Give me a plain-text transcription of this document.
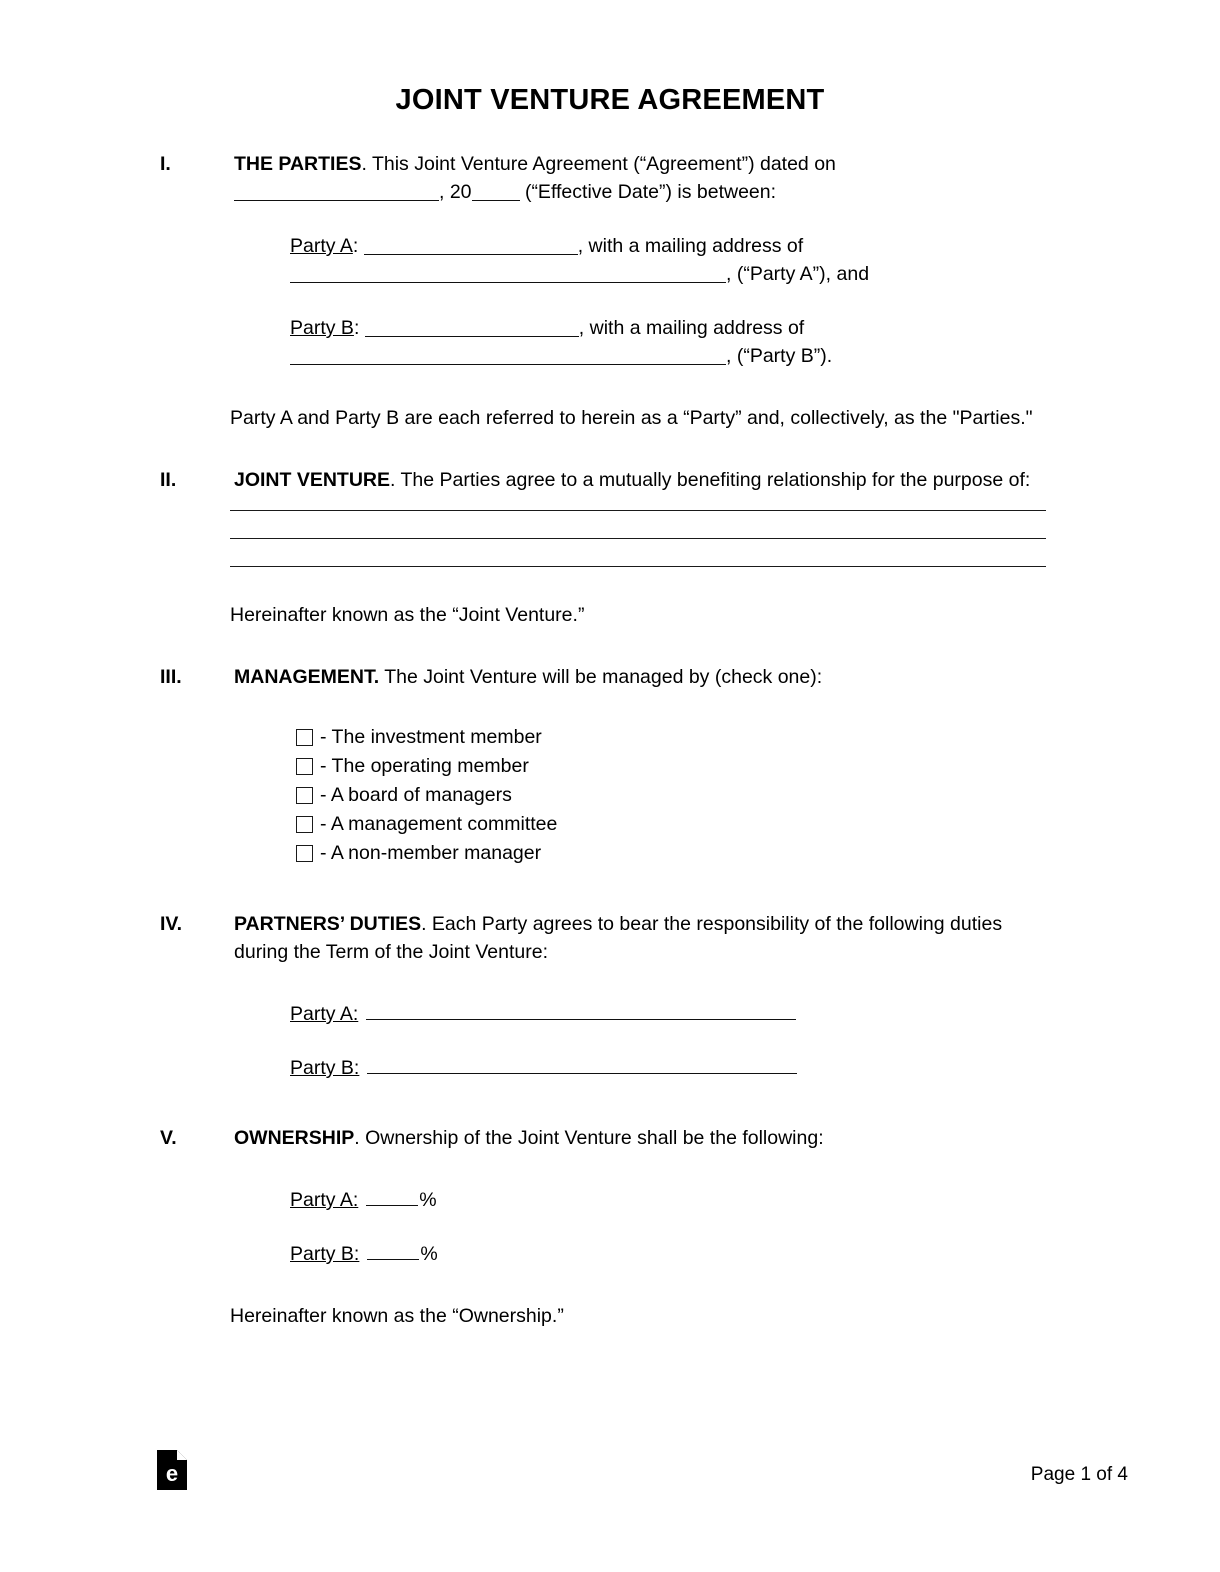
JOINT VENTURE AGREEMENT
I.	THE PARTIES. This Joint Venture Agreement (“Agreement”) dated on
, 20 (“Effective Date”) is between:
Party A:	, with a mailing address of
, (“Party A”), and
Party B:	, with a mailing address of
, (“Party B”).
Party A and Party B are each referred to herein as a “Party” and, collectively, as the "Parties."
II.	JOINT VENTURE. The Parties agree to a mutually benefiting relationship for the purpose of:
Hereinafter known as the “Joint Venture.”
III.	MANAGEMENT. The Joint Venture will be managed by (check one):
- The investment member
- The operating member
- A board of managers
- A management committee
- A non-member manager
IV.	PARTNERS’ DUTIES. Each Party agrees to bear the responsibility of the following duties during the Term of the Joint Venture:
Party A:
Party B:
V.	OWNERSHIP. Ownership of the Joint Venture shall be the following:
Party A:	%
Party B:	%
Hereinafter known as the “Ownership.”
e	Page 1 of 4
